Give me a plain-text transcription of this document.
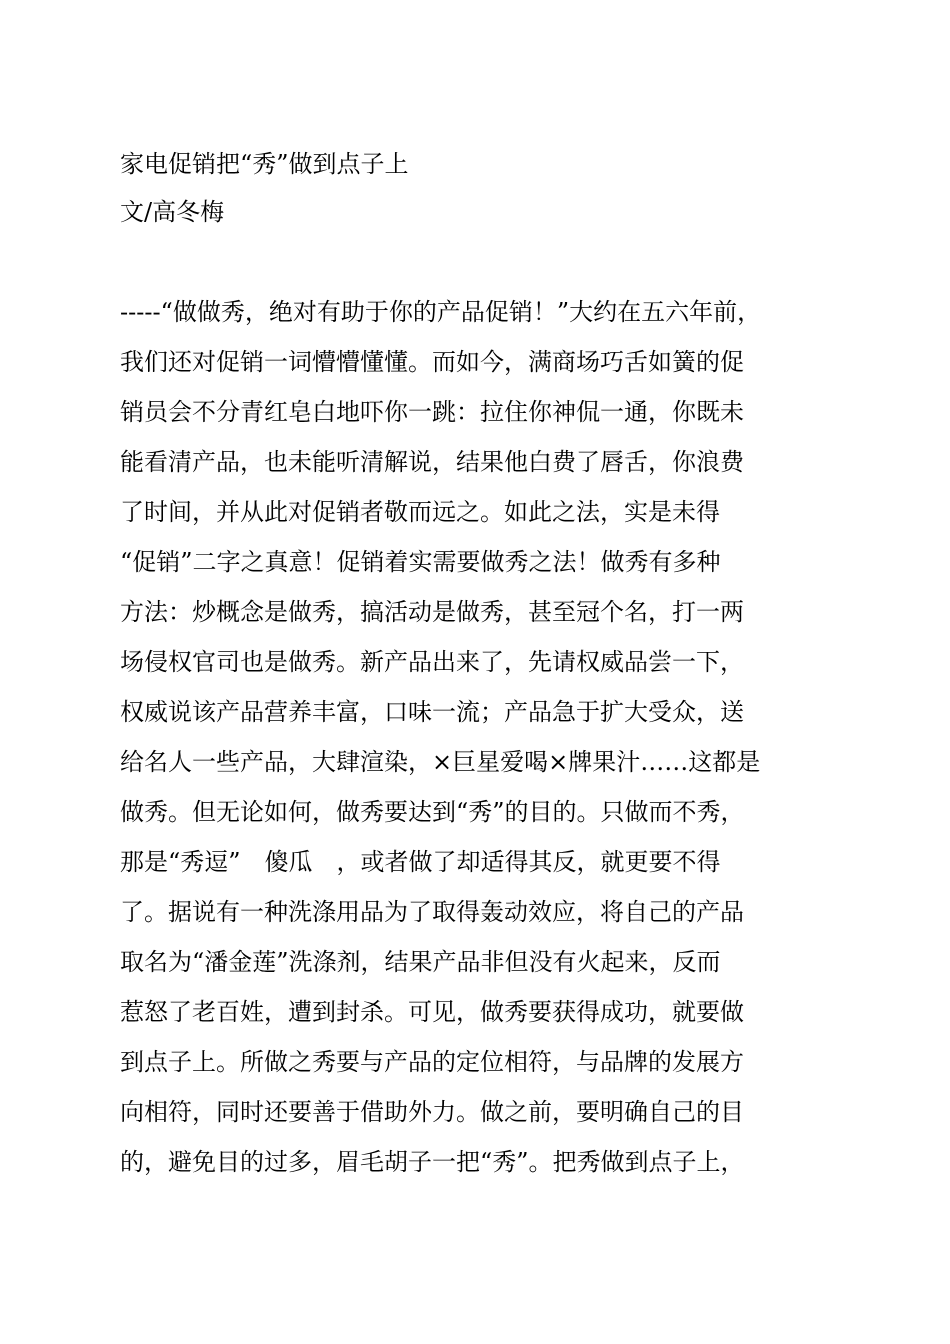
家电促销把“秀”做到点子上
文/高冬梅
-----“做做秀，绝对有助于你的产品促销！”大约在五六年前，
我们还对促销一词懵懵懂懂。而如今，满商场巧舌如簧的促
销员会不分青红皂白地吓你一跳：拉住你神侃一通，你既未
能看清产品，也未能听清解说，结果他白费了唇舌，你浪费
了时间，并从此对促销者敬而远之。如此之法，实是未得
“促销”二字之真意！促销着实需要做秀之法！做秀有多种
方法：炒概念是做秀，搞活动是做秀，甚至冠个名，打一两
场侵权官司也是做秀。新产品出来了，先请权威品尝一下，
权威说该产品营养丰富，口味一流；产品急于扩大受众，送
给名人一些产品，大肆渲染，×巨星爱喝×牌果汁……这都是
做秀。但无论如何，做秀要达到“秀”的目的。只做而不秀，
那是“秀逗”　傻瓜　，或者做了却适得其反，就更要不得
了。据说有一种洗涤用品为了取得轰动效应，将自己的产品
取名为“潘金莲”洗涤剂，结果产品非但没有火起来，反而
惹怒了老百姓，遭到封杀。可见，做秀要获得成功，就要做
到点子上。所做之秀要与产品的定位相符，与品牌的发展方
向相符，同时还要善于借助外力。做之前，要明确自己的目
的，避免目的过多，眉毛胡子一把“秀”。把秀做到点子上，
